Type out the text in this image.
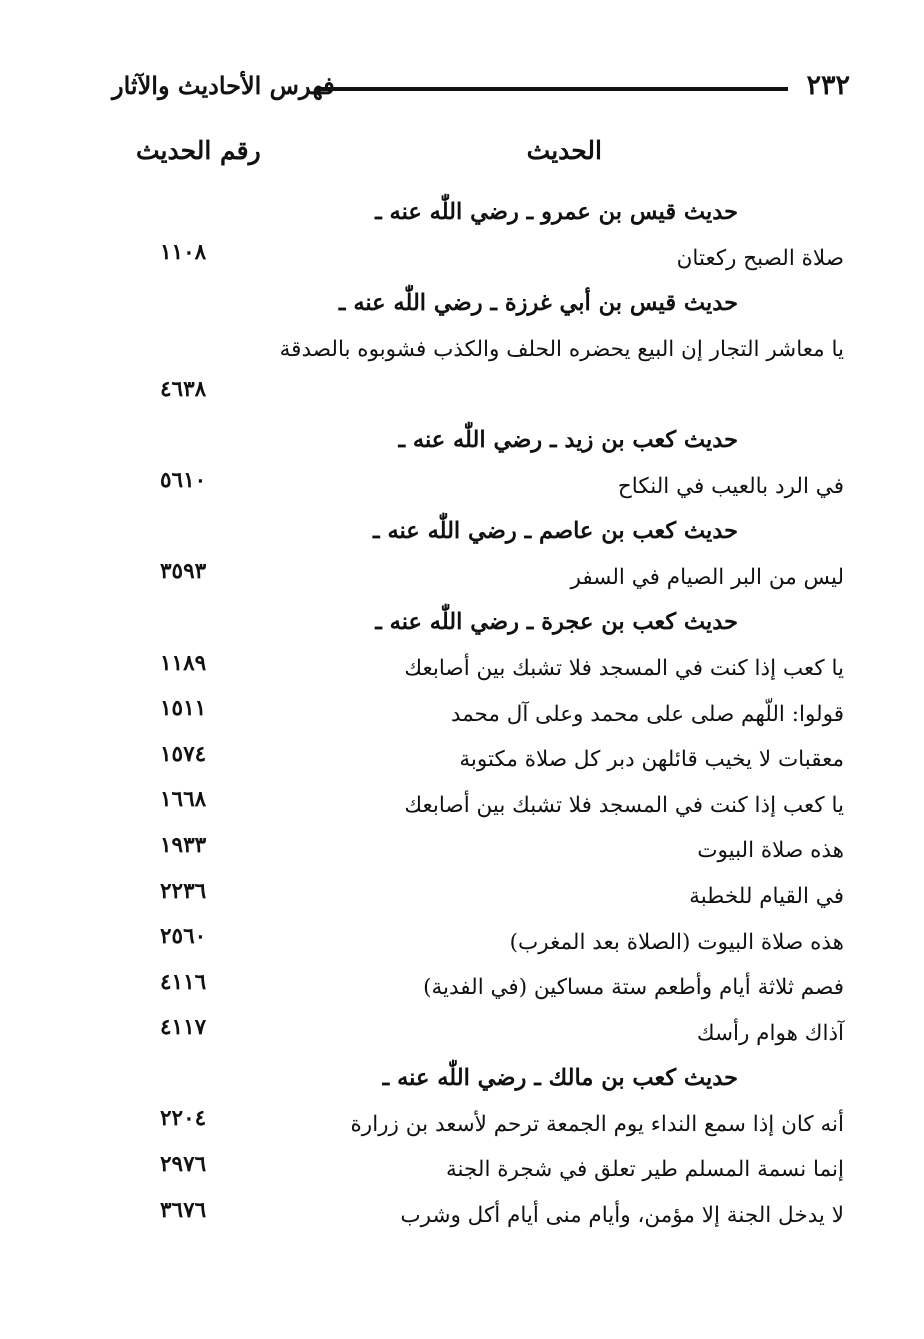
٢٣٢
فهرس الأحاديث والآثار
الحديث
رقم الحديث
حديث قيس بن عمرو ـ رضي اللّٰه عنه ـ
صلاة الصبح ركعتان
١١٠٨
حديث قيس بن أبي غرزة ـ رضي اللّٰه عنه ـ
يا معاشر التجار إن البيع يحضره الحلف والكذب فشوبوه بالصدقة
٤٦٣٨
حديث كعب بن زيد ـ رضي اللّٰه عنه ـ
في الرد بالعيب في النكاح
٥٦١٠
حديث كعب بن عاصم ـ رضي اللّٰه عنه ـ
ليس من البر الصيام في السفر
٣٥٩٣
حديث كعب بن عجرة ـ رضي اللّٰه عنه ـ
يا كعب إذا كنت في المسجد فلا تشبك بين أصابعك
١١٨٩
قولوا: اللّهم صلى على محمد وعلى آل محمد
١٥١١
معقبات لا يخيب قائلهن دبر كل صلاة مكتوبة
١٥٧٤
يا كعب إذا كنت في المسجد فلا تشبك بين أصابعك
١٦٦٨
هذه صلاة البيوت
١٩٣٣
في القيام للخطبة
٢٢٣٦
هذه صلاة البيوت (الصلاة بعد المغرب)
٢٥٦٠
فصم ثلاثة أيام وأطعم ستة مساكين (في الفدية)
٤١١٦
آذاك هوام رأسك
٤١١٧
حديث كعب بن مالك ـ رضي اللّٰه عنه ـ
أنه كان إذا سمع النداء يوم الجمعة ترحم لأسعد بن زرارة
٢٢٠٤
إنما نسمة المسلم طير تعلق في شجرة الجنة
٢٩٧٦
لا يدخل الجنة إلا مؤمن، وأيام منى أيام أكل وشرب
٣٦٧٦
